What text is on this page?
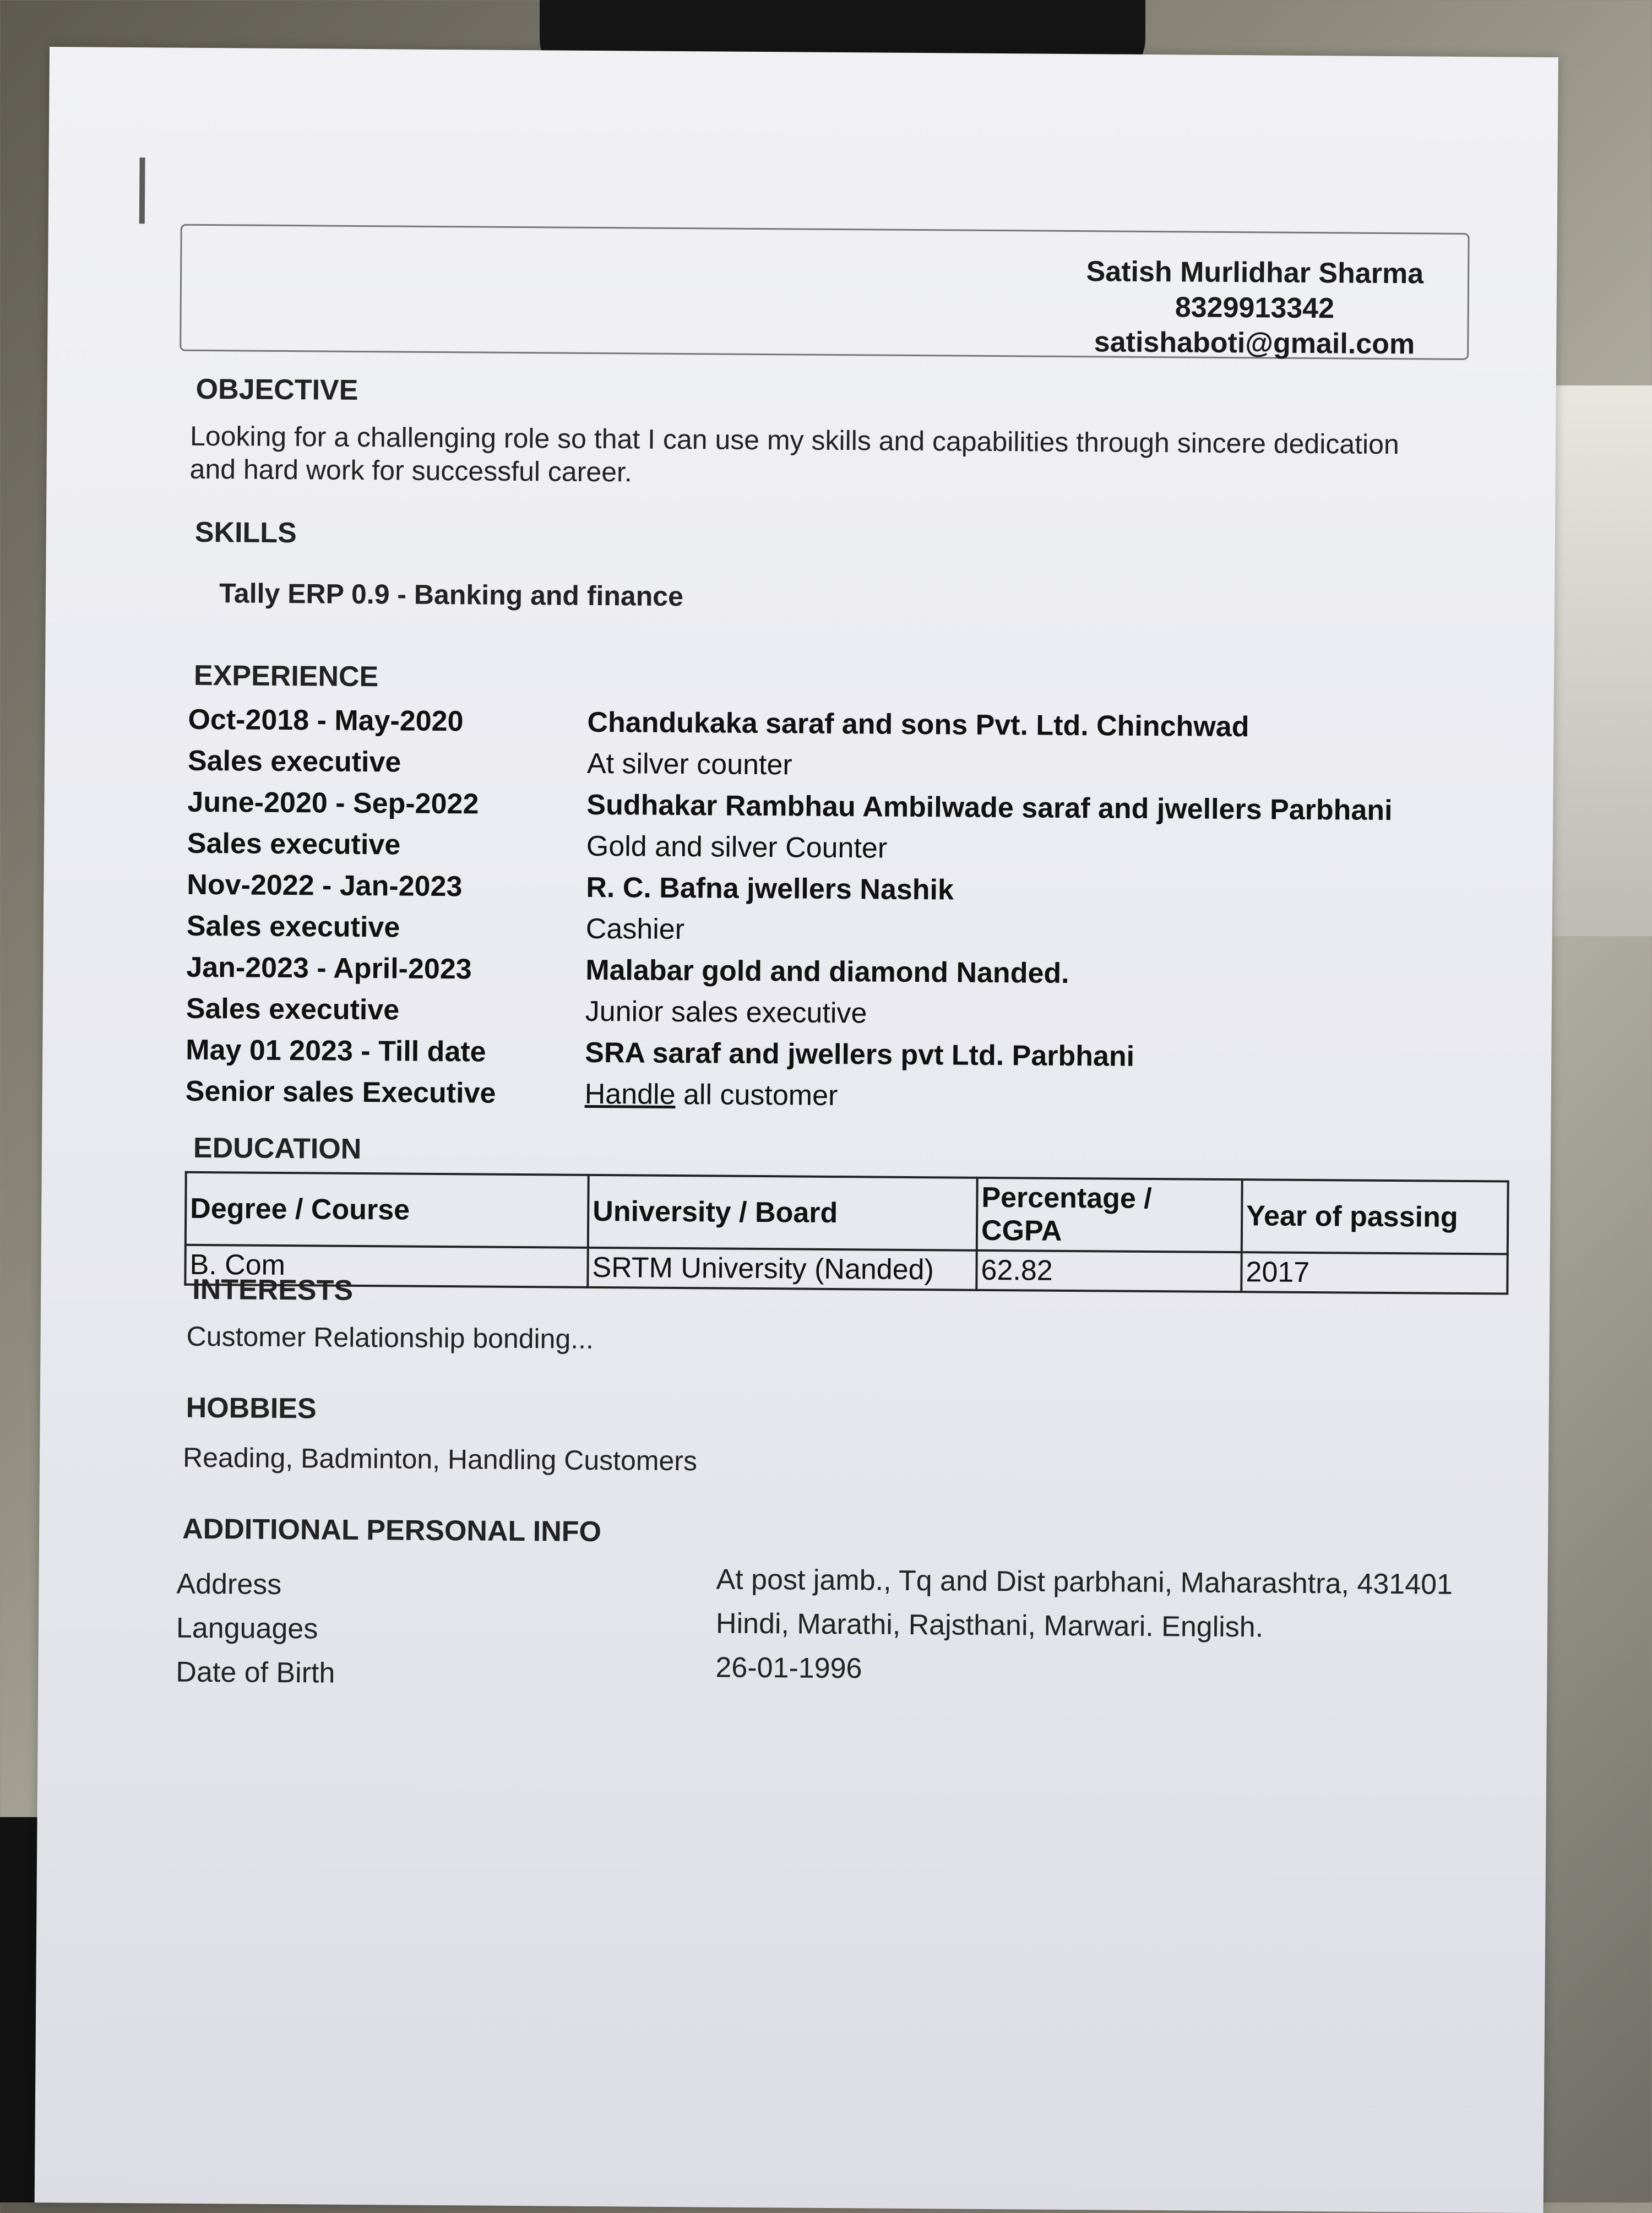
Satish Murlidhar Sharma
8329913342
satishaboti@gmail.com
OBJECTIVE
Looking for a challenging role so that I can use my skills and capabilities through sincere dedication
and hard work for successful career.
SKILLS
Tally ERP 0.9 - Banking and finance
EXPERIENCE
Oct-2018 - May-2020	Chandukaka saraf and sons Pvt. Ltd. Chinchwad
Sales executive	At silver counter
June-2020 - Sep-2022	Sudhakar Rambhau Ambilwade saraf and jwellers Parbhani
Sales executive	Gold and silver Counter
Nov-2022 - Jan-2023	R. C. Bafna jwellers Nashik
Sales executive	Cashier
Jan-2023 - April-2023	Malabar gold and diamond Nanded.
Sales executive	Junior sales executive
May 01 2023 - Till date	SRA saraf and jwellers pvt Ltd. Parbhani
Senior sales Executive	Handle all customer
EDUCATION
Degree / Course	University / Board	Percentage / CGPA	Year of passing
B. Com	SRTM University (Nanded)	62.82	2017
INTERESTS
Customer Relationship bonding...
HOBBIES
Reading, Badminton, Handling Customers
ADDITIONAL PERSONAL INFO
Address	At post jamb., Tq and Dist parbhani, Maharashtra, 431401
Languages	Hindi, Marathi, Rajsthani, Marwari. English.
Date of Birth	26-01-1996
